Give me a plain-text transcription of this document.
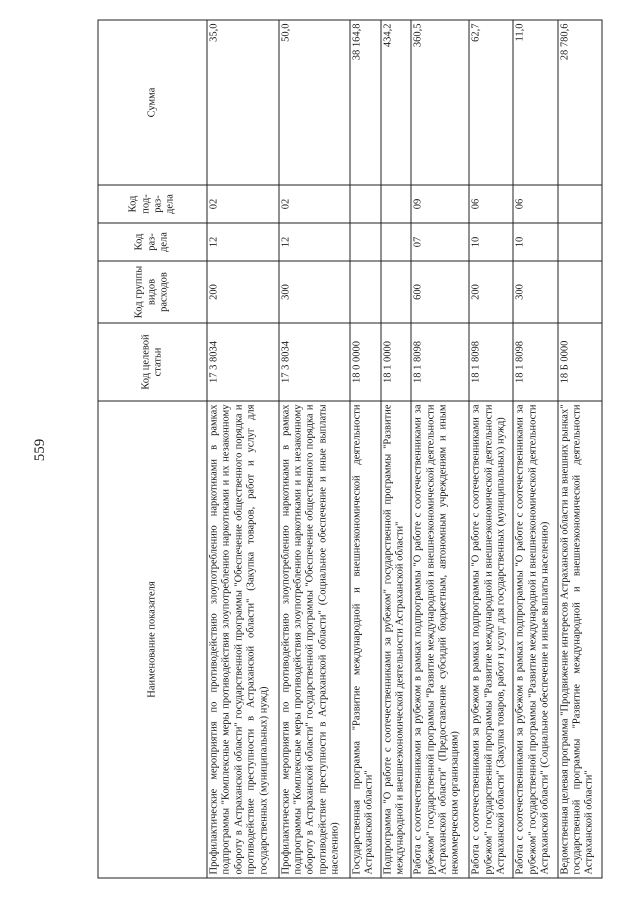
559
Наименование показателя	Код целевой статьи	Код группы видов расходов	Код раз-дела	Код под-раз-дела	Сумма
Профилактические мероприятия по противодействию злоупотреблению наркотиками в рамках подпрограммы "Комплексные меры противодействия злоупотреблению наркотиками и их незаконному обороту в Астраханской области" государственной программы "Обеспечение общественного порядка и противодействие преступности в Астраханской области" (Закупка товаров, работ и услуг для государственных (муниципальных) нужд)	17 3 8034	200	12	02	35,0
Профилактические мероприятия по противодействию злоупотреблению наркотиками в рамках подпрограммы "Комплексные меры противодействия злоупотреблению наркотиками и их незаконному обороту в Астраханской области" государственной программы "Обеспечение общественного порядка и противодействие преступности в Астраханской области" (Социальное обеспечение и иные выплаты населению)	17 3 8034	300	12	02	50,0
Государственная программа "Развитие международной и внешнеэкономической деятельности Астраханской области"	18 0 0000				38 164,8
Подпрограмма "О работе с соотечественниками за рубежом" государственной программы "Развитие международной и внешнеэкономической деятельности Астраханской области"	18 1 0000				434,2
Работа с соотечественниками за рубежом в рамках подпрограммы "О работе с соотечественниками за рубежом" государственной программы "Развитие международной и внешнеэкономической деятельности Астраханской области" (Предоставление субсидий бюджетным, автономным учреждениям и иным некоммерческим организациям)	18 1 8098	600	07	09	360,5
Работа с соотечественниками за рубежом в рамках подпрограммы "О работе с соотечественниками за рубежом" государственной программы "Развитие международной и внешнеэкономической деятельности Астраханской области" (Закупка товаров, работ и услуг для государственных (муниципальных) нужд)	18 1 8098	200	10	06	62,7
Работа с соотечественниками за рубежом в рамках подпрограммы "О работе с соотечественниками за рубежом" государственной программы "Развитие международной и внешнеэкономической деятельности Астраханской области" (Социальное обеспечение и иные выплаты населению)	18 1 8098	300	10	06	11,0
Ведомственная целевая программа "Продвижение интересов Астраханской области на внешних рынках" государственной программы "Развитие международной и внешнеэкономической деятельности Астраханской области"	18 Б 0000				28 780,6
